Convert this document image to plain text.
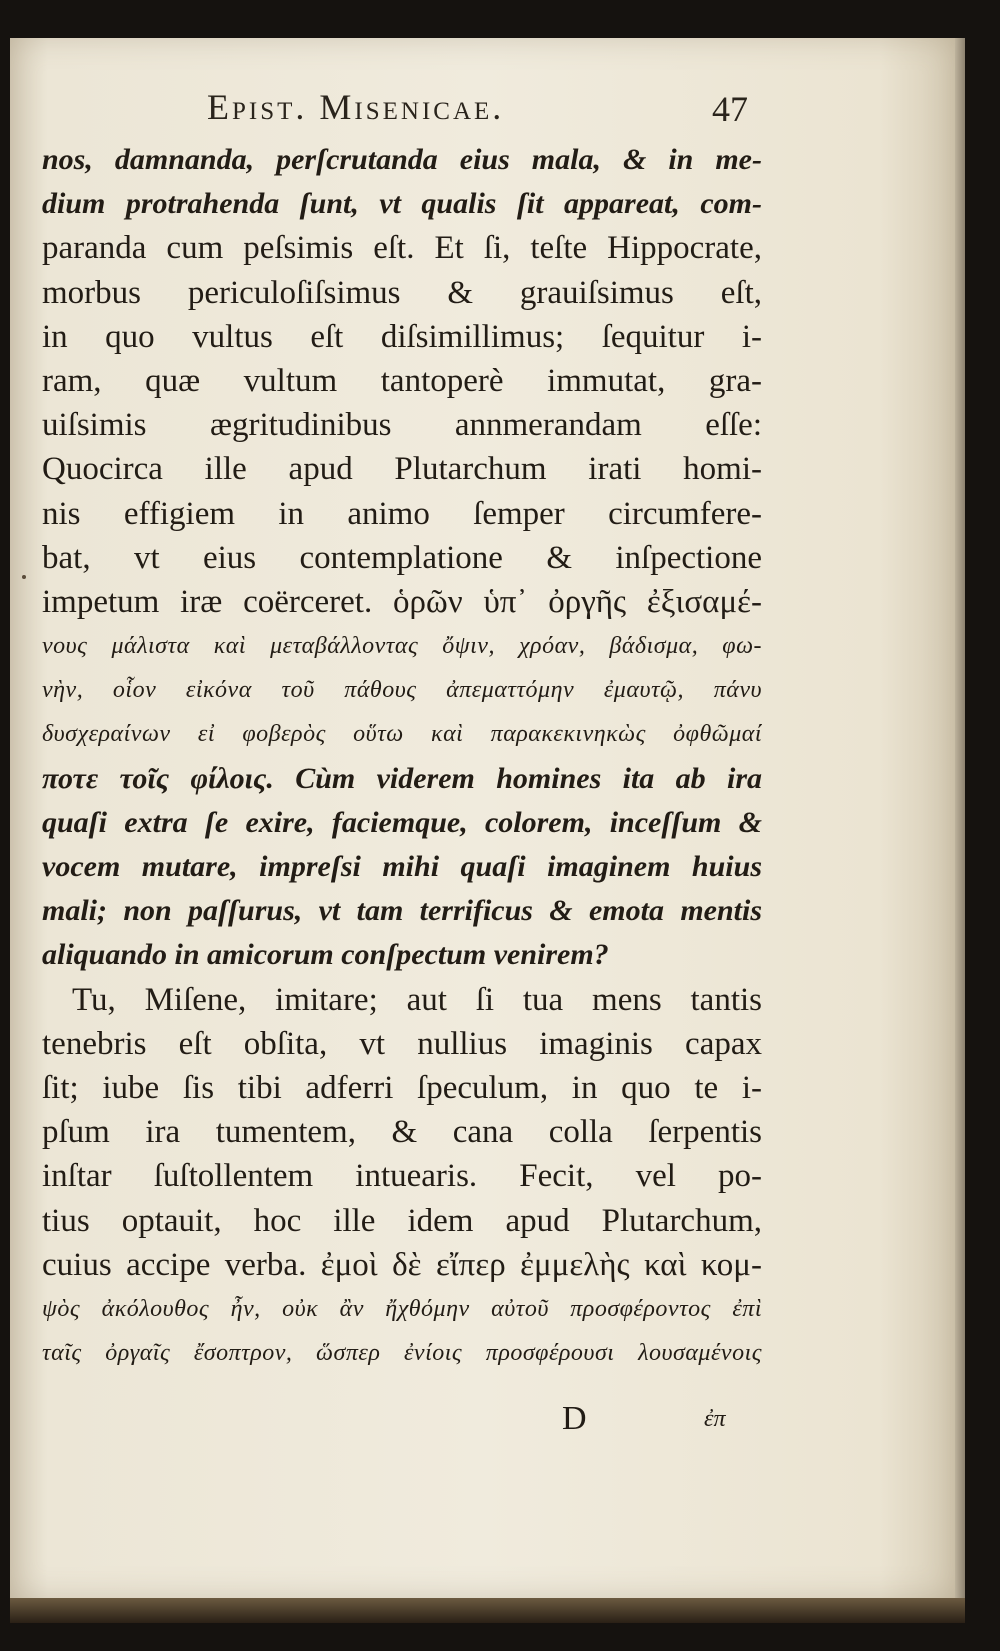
Epist. Misenicae.	47
nos, damnanda, perſcrutanda eius mala, & in me-
dium protrahenda ſunt, vt qualis ſit appareat, com-
paranda cum peſsimis eſt. Et ſi, teſte Hippocrate,
morbus periculoſiſsimus & grauiſsimus eſt,
in quo vultus eſt diſsimillimus; ſequitur i-
ram, quæ vultum tantoperè immutat, gra-
uiſsimis ægritudinibus annmerandam eſſe:
Quocirca ille apud Plutarchum irati homi-
nis effigiem in animo ſemper circumfere-
bat, vt eius contemplatione & inſpectione
impetum iræ coërceret. ὁρῶν ὑπ᾽ ὀργῆς ἐξισαμέ-
νους μάλιστα καὶ μεταβάλλοντας ὄψιν, χρόαν, βάδισμα, φω-
νὴν, οἷον εἰκόνα τοῦ πάθους ἀπεματτόμην ἐμαυτῷ, πάνυ
δυσχεραίνων εἰ φοβερὸς οὕτω καὶ παρακεκινηκὼς ὀφθῶμαί
ποτε τοῖς φίλοις. Cùm viderem homines ita ab ira
quaſi extra ſe exire, faciemque, colorem, inceſſum &
vocem mutare, impreſsi mihi quaſi imaginem huius
mali; non paſſurus, vt tam terrificus & emota mentis
aliquando in amicorum conſpectum venirem?
Tu, Miſene, imitare; aut ſi tua mens tantis
tenebris eſt obſita, vt nullius imaginis capax
ſit; iube ſis tibi adferri ſpeculum, in quo te i-
pſum ira tumentem, & cana colla ſerpentis
inſtar ſuſtollentem intuearis. Fecit, vel po-
tius optauit, hoc ille idem apud Plutarchum,
cuius accipe verba. ἐμοὶ δὲ εἴπερ ἐμμελὴς καὶ κομ-
ψὸς ἀκόλουθος ἦν, οὐκ ἂν ἤχθόμην αὐτοῦ προσφέροντος ἐπὶ
ταῖς ὀργαῖς ἔσοπτρον, ὥσπερ ἐνίοις προσφέρουσι λουσαμένοις
D	ἐπ
